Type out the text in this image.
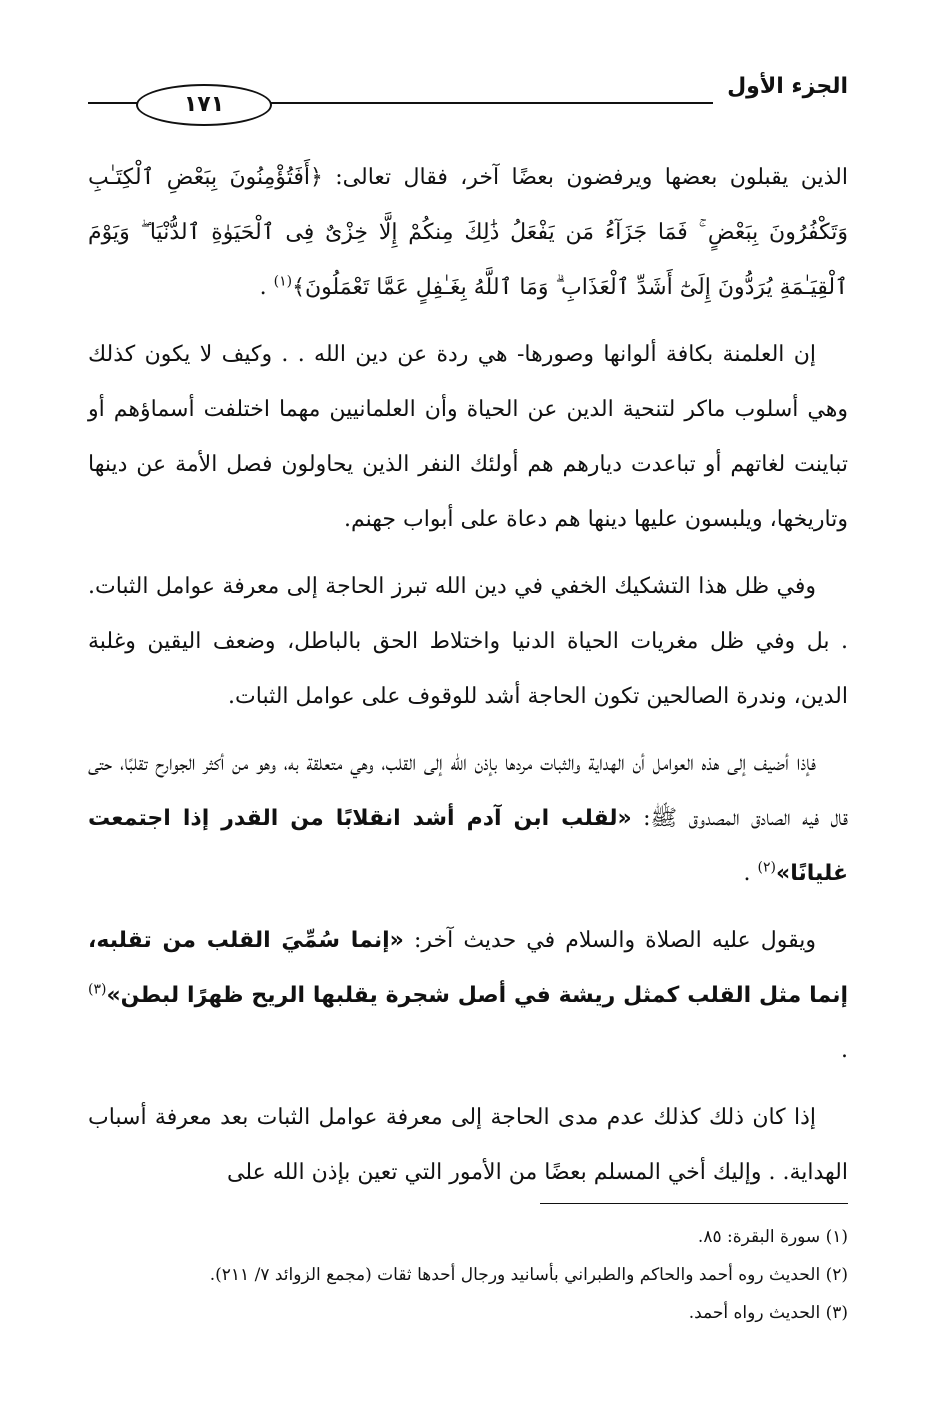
الجزء الأول
١٧١

الذين يقبلون بعضها ويرفضون بعضًا آخر، فقال تعالى: ﴿أَفَتُؤْمِنُونَ بِبَعْضِ ٱلْكِتَـٰبِ وَتَكْفُرُونَ بِبَعْضٍ ۚ فَمَا جَزَآءُ مَن يَفْعَلُ ذَٰلِكَ مِنكُمْ إِلَّا خِزْىٌ فِى ٱلْحَيَوٰةِ ٱلدُّنْيَا ۖ وَيَوْمَ ٱلْقِيَـٰمَةِ يُرَدُّونَ إِلَىٰٓ أَشَدِّ ٱلْعَذَابِ ۗ وَمَا ٱللَّهُ بِغَـٰفِلٍ عَمَّا تَعْمَلُونَ﴾$^{(١)}$ .

إن العلمنة بكافة ألوانها وصورها- هي ردة عن دين الله . . وكيف لا يكون كذلك وهي أسلوب ماكر لتنحية الدين عن الحياة وأن العلمانيين مهما اختلفت أسماؤهم أو تباينت لغاتهم أو تباعدت ديارهم هم أولئك النفر الذين يحاولون فصل الأمة عن دينها وتاريخها، ويلبسون عليها دينها هم دعاة على أبواب جهنم.

وفي ظل هذا التشكيك الخفي في دين الله تبرز الحاجة إلى معرفة عوامل الثبات. . بل وفي ظل مغريات الحياة الدنيا واختلاط الحق بالباطل، وضعف اليقين وغلبة الدين، وندرة الصالحين تكون الحاجة أشد للوقوف على عوامل الثبات.

فإذا أضيف إلى هذه العوامل أن الهداية والثبات مردها بإذن الله إلى القلب، وهي متعلقة به، وهو من أكثر الجوارح تقلبًا، حتى قال فيه الصادق المصدوق ﷺ: «لقلب ابن آدم أشد انقلابًا من القدر إذا اجتمعت غليانًا»$^{(٢)}$ .

ويقول عليه الصلاة والسلام في حديث آخر: «إنما سُمِّيَ القلب من تقلبه، إنما مثل القلب كمثل ريشة في أصل شجرة يقلبها الريح ظهرًا لبطن»$^{(٣)}$ .

إذا كان ذلك كذلك عدم مدى الحاجة إلى معرفة عوامل الثبات بعد معرفة أسباب الهداية. . وإليك أخي المسلم بعضًا من الأمور التي تعين بإذن الله على

(١) سورة البقرة: ٨٥.
(٢) الحديث روه أحمد والحاكم والطبراني بأسانيد ورجال أحدها ثقات (مجمع الزوائد ٧/ ٢١١).
(٣) الحديث رواه أحمد.
